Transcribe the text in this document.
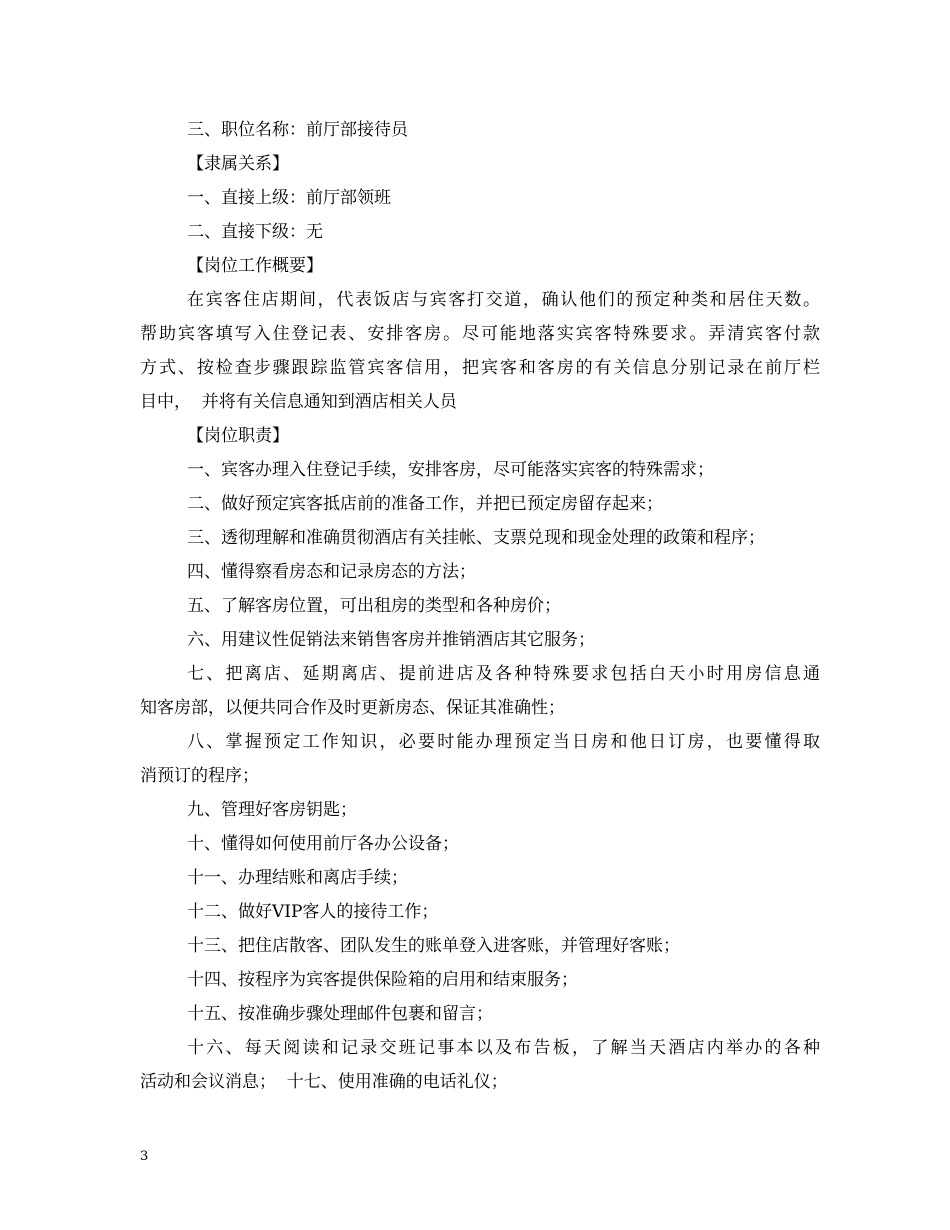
三、职位名称：前厅部接待员

【隶属关系】

一、直接上级：前厅部领班

二、直接下级：无

【岗位工作概要】

在宾客住店期间，代表饭店与宾客打交道，确认他们的预定种类和居住天数。

帮助宾客填写入住登记表、安排客房。尽可能地落实宾客特殊要求。弄清宾客付款

方式、按检查步骤跟踪监管宾客信用，把宾客和客房的有关信息分别记录在前厅栏

目中，  并将有关信息通知到酒店相关人员

【岗位职责】

一、宾客办理入住登记手续，安排客房，尽可能落实宾客的特殊需求；

二、做好预定宾客抵店前的准备工作，并把已预定房留存起来；

三、透彻理解和准确贯彻酒店有关挂帐、支票兑现和现金处理的政策和程序；

四、懂得察看房态和记录房态的方法；

五、了解客房位置，可出租房的类型和各种房价；

六、用建议性促销法来销售客房并推销酒店其它服务；

七、把离店、延期离店、提前进店及各种特殊要求包括白天小时用房信息通

知客房部，以便共同合作及时更新房态、保证其准确性；

八、掌握预定工作知识，必要时能办理预定当日房和他日订房，也要懂得取

消预订的程序；

九、管理好客房钥匙；

十、懂得如何使用前厅各办公设备；

十一、办理结账和离店手续；

十二、做好VIP客人的接待工作；

十三、把住店散客、团队发生的账单登入进客账，并管理好客账；

十四、按程序为宾客提供保险箱的启用和结束服务；

十五、按准确步骤处理邮件包裹和留言；

十六、每天阅读和记录交班记事本以及布告板，了解当天酒店内举办的各种

活动和会议消息；  十七、使用准确的电话礼仪；

3
